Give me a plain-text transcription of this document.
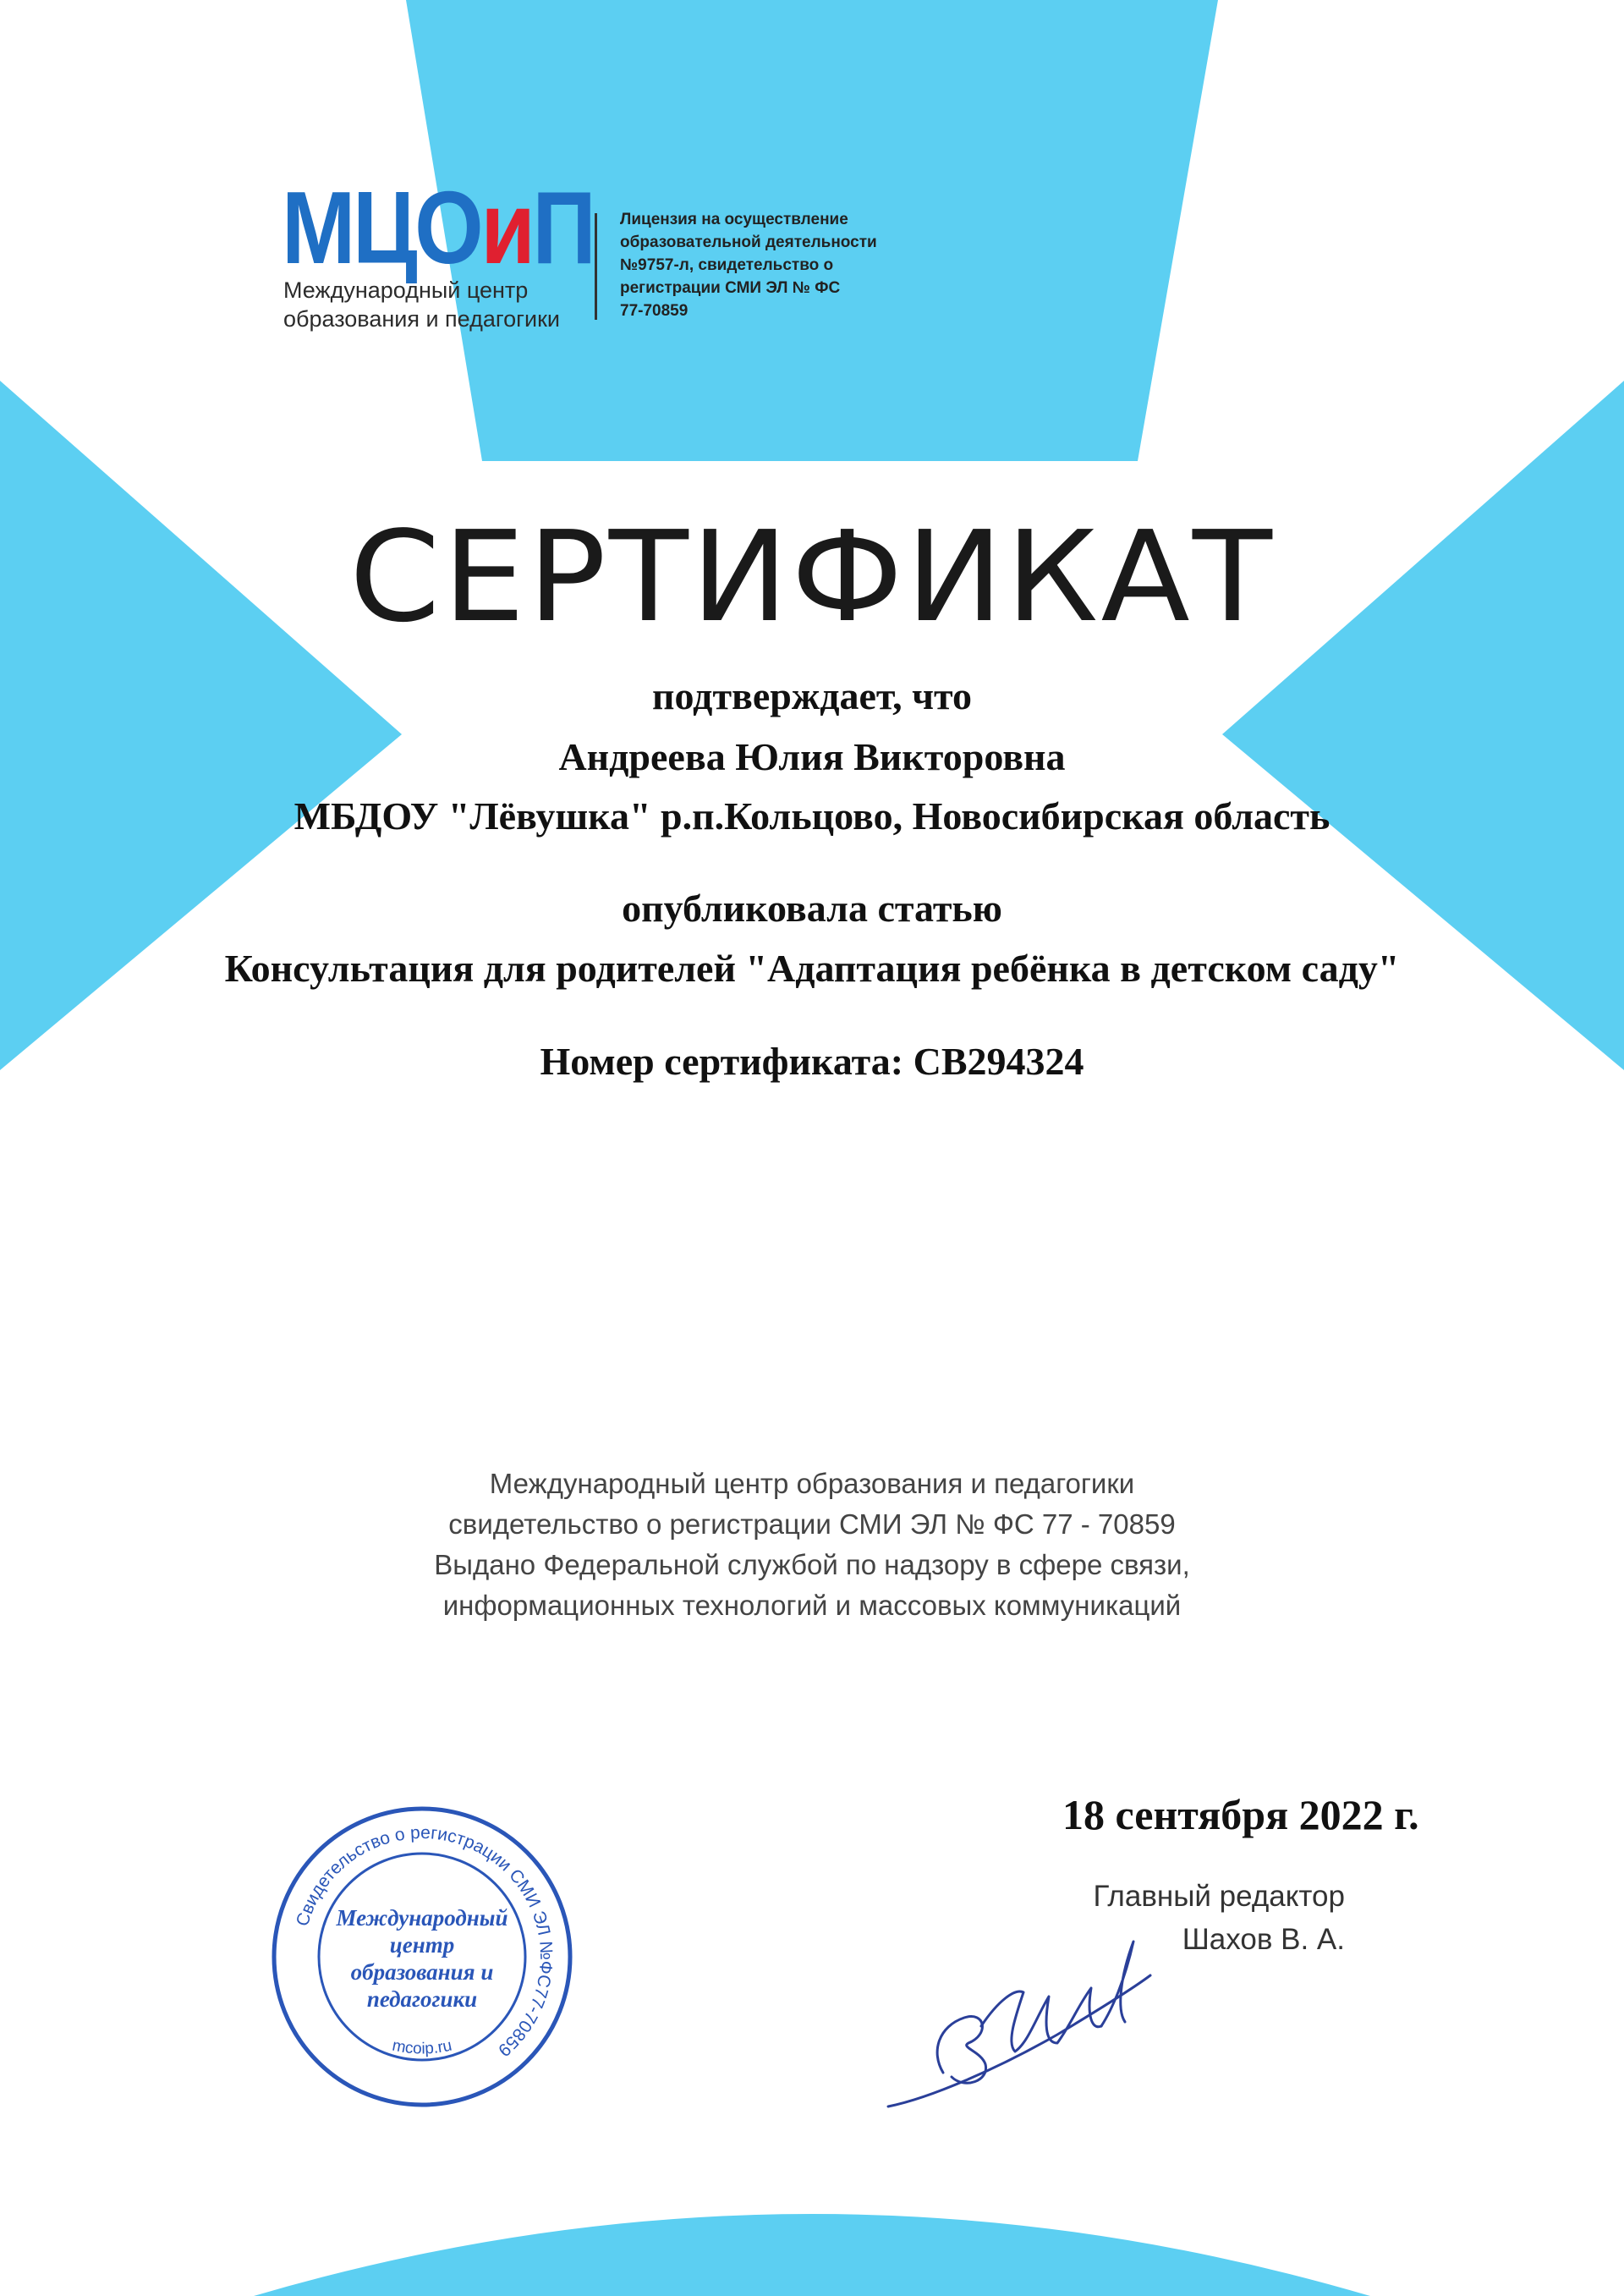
МЦОиП
Международный центр
образования и педагогики
Лицензия на осуществление
образовательной деятельности
№9757-л, свидетельство о
регистрации СМИ ЭЛ № ФС
77-70859
СЕРТИФИКАТ
подтверждает, что
Андреева Юлия Викторовна
МБДОУ "Лёвушка" р.п.Кольцово, Новосибирская область
опубликовала статью
Консультация для родителей "Адаптация ребёнка в детском саду"
Номер сертификата: СВ294324
Международный центр образования и педагогики
свидетельство о регистрации СМИ ЭЛ № ФС 77 - 70859
Выдано Федеральной службой по надзору в сфере связи,
информационных технологий и массовых коммуникаций
18 сентября 2022 г.
Главный редактор
Шахов В. А.
Свидетельство о регистрации СМИ ЭЛ №ФС77-70859
mcoip.ru
Международный
центр
образования и
педагогики
